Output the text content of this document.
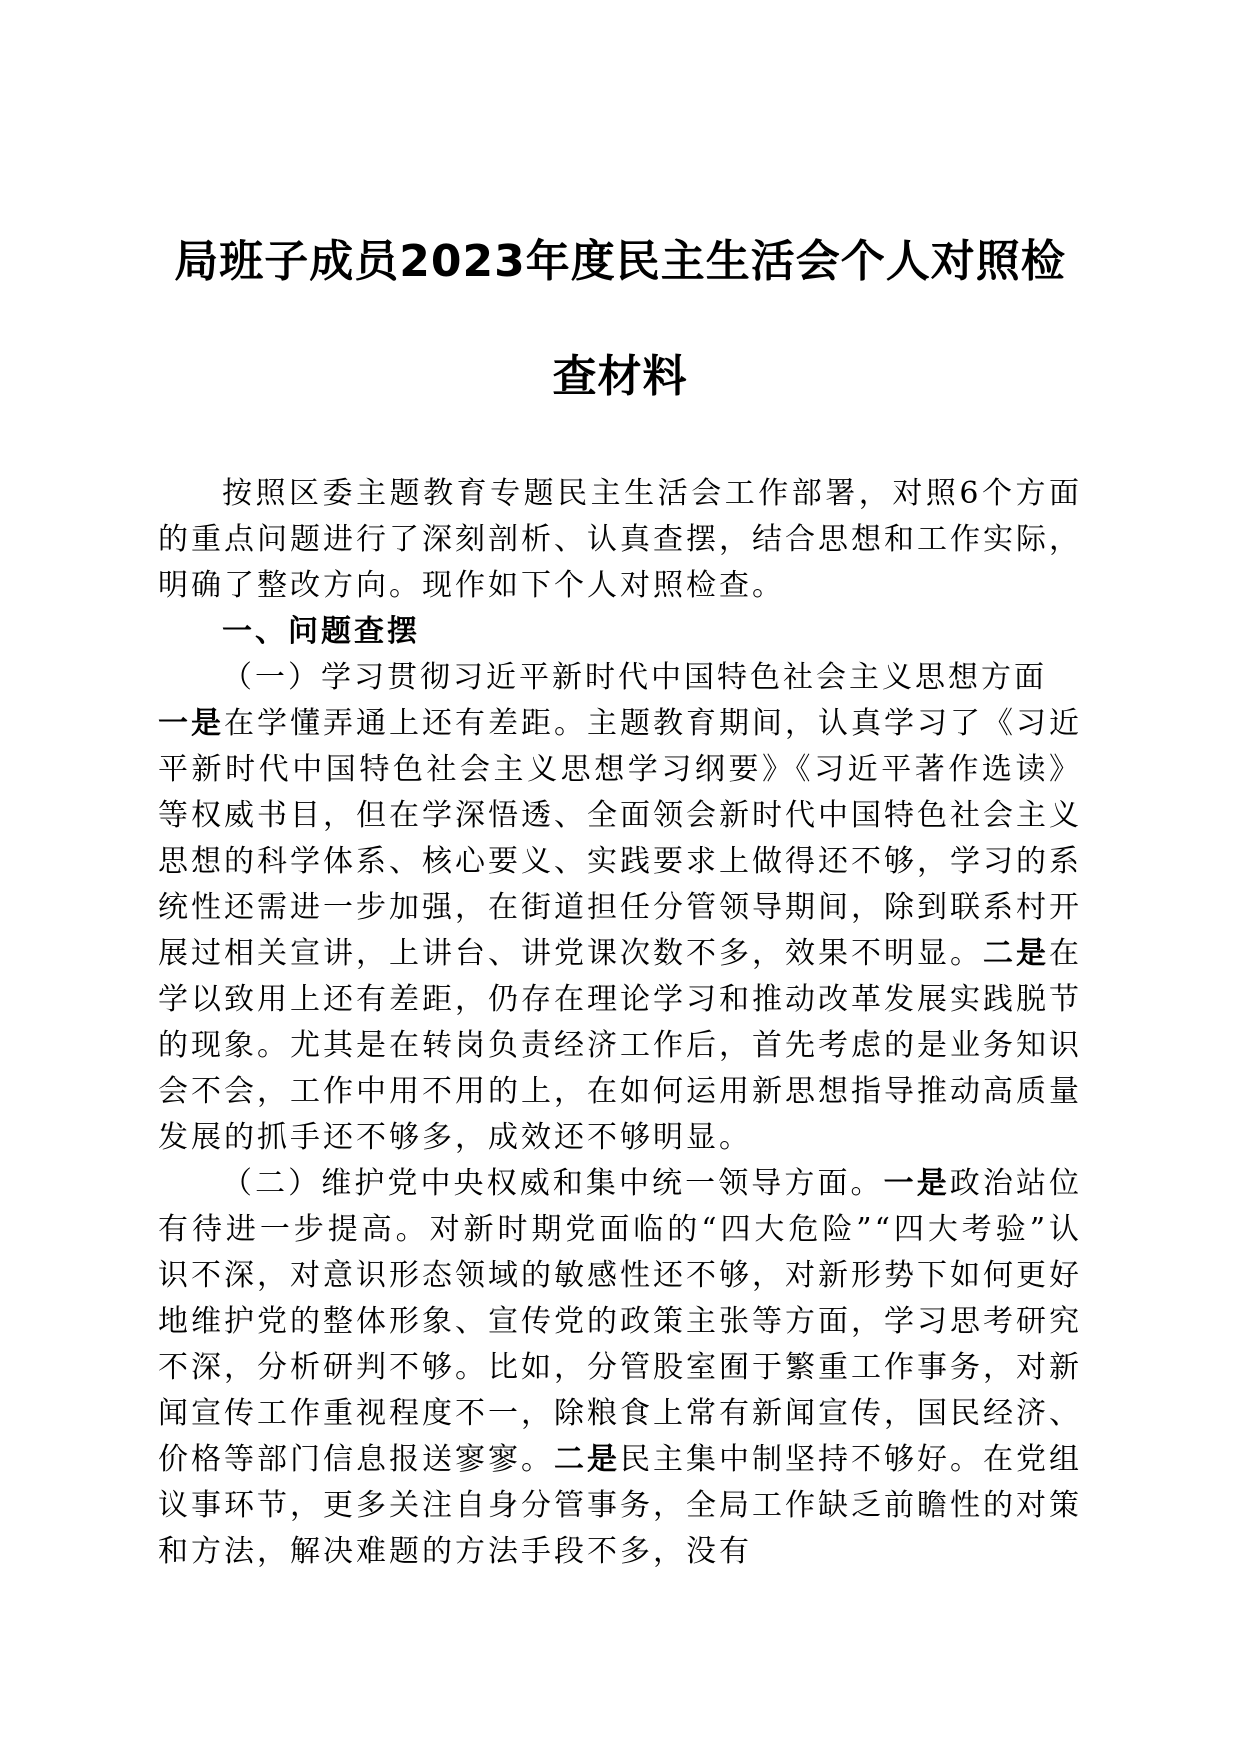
局班子成员2023年度民主生活会个人对照检
查材料

按照区委主题教育专题民主生活会工作部署，对照6个方面的重点问题进行了深刻剖析、认真查摆，结合思想和工作实际，明确了整改方向。现作如下个人对照检查。

一、问题查摆

（一）学习贯彻习近平新时代中国特色社会主义思想方面

一是在学懂弄通上还有差距。主题教育期间，认真学习了《习近平新时代中国特色社会主义思想学习纲要》《习近平著作选读》等权威书目，但在学深悟透、全面领会新时代中国特色社会主义思想的科学体系、核心要义、实践要求上做得还不够，学习的系统性还需进一步加强，在街道担任分管领导期间，除到联系村开展过相关宣讲，上讲台、讲党课次数不多，效果不明显。二是在学以致用上还有差距，仍存在理论学习和推动改革发展实践脱节的现象。尤其是在转岗负责经济工作后，首先考虑的是业务知识会不会，工作中用不用的上，在如何运用新思想指导推动高质量发展的抓手还不够多，成效还不够明显。

（二）维护党中央权威和集中统一领导方面。一是政治站位有待进一步提高。对新时期党面临的“四大危险”“四大考验”认识不深，对意识形态领域的敏感性还不够，对新形势下如何更好地维护党的整体形象、宣传党的政策主张等方面，学习思考研究不深，分析研判不够。比如，分管股室囿于繁重工作事务，对新闻宣传工作重视程度不一，除粮食上常有新闻宣传，国民经济、价格等部门信息报送寥寥。二是民主集中制坚持不够好。在党组议事环节，更多关注自身分管事务，全局工作缺乏前瞻性的对策和方法，解决难题的方法手段不多，没有
